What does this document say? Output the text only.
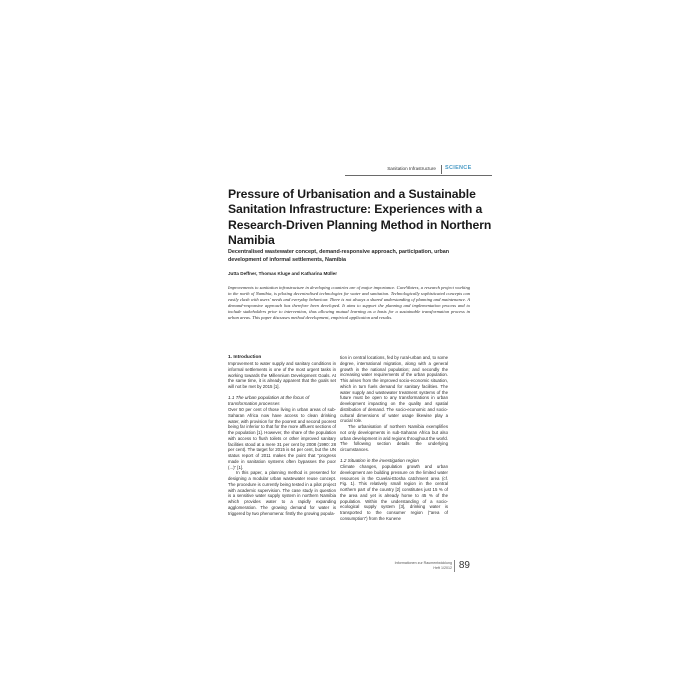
Sanitation Infrastructure SCIENCE
Pressure of Urbanisation and a Sustainable Sanitation Infrastructure: Experiences with a Research-Driven Planning Method in Northern Namibia

Decentralised wastewater concept, demand-responsive approach, participation, urban development of informal settlements, Namibia

Jutta Deffner, Thomas Kluge and Katharina Müller

Improvements to sanitation infrastructure in developing countries are of major importance. CuveWaters, a research project working in the north of Namibia, is piloting decentralised technologies for water and sanitation. Technologically sophisticated concepts can easily clash with users' needs and everyday behaviour. There is not always a shared understanding of planning and maintenance. A demand-responsive approach has therefore been developed. It aims to support the planning and implementation process and to include stakeholders prior to intervention, thus allowing mutual learning as a basis for a sustainable transformation process in urban areas. This paper discusses method development, empirical application and results.

1. Introduction

Improvement to water supply and sanitary conditions in informal settlements is one of the most urgent tasks in working towards the Millennium Development Goals. At the same time, it is already apparent that the goals set will not be met by 2015 [1].

1.1 The urban population at the focus of transformation processes

Over 50 per cent of those living in urban areas of sub-Saharan Africa now have access to clean drinking water, with provision for the poorest and second poorest being far inferior to that for the more affluent sections of the population [1]. However, the share of the population with access to flush toilets or other improved sanitary facilities stood at a mere 31 per cent by 2008 (1990: 28 per cent). The target for 2015 is 64 per cent, but the UN status report of 2011 makes the point that "progress made in sanitation systems often bypasses the poor (...)" [1].

In this paper, a planning method is presented for designing a modular urban wastewater reuse concept. The procedure is currently being tested in a pilot project with academic supervision. The case study in question is a sensitive water supply system in northern Namibia which provides water to a rapidly expanding agglomeration. The growing demand for water is triggered by two phenomena: firstly the growing popula-

tion in central locations, fed by rural-urban and, to some degree, international migration, along with a general growth in the national population; and secondly the increasing water requirements of the urban population. This arises from the improved socio-economic situation, which in turn fuels demand for sanitary facilities. The water supply and wastewater treatment systems of the future must be open to any transformations in urban development impacting on the quality and spatial distribution of demand. The socio-economic and socio-cultural dimensions of water usage likewise play a crucial role.

The urbanisation of northern Namibia exemplifies not only developments in sub-Saharan Africa but also urban development in arid regions throughout the world. The following section details the underlying circumstances.

1.2 Situation in the investigation region

Climate changes, population growth and urban development are building pressure on the limited water resources in the Cuvelai-Etosha catchment area (cf. Fig. 1). This relatively small region in the central northern part of the country [2] constitutes just 15 % of the area and yet is already home to 45 % of the population. Within the understanding of a socio-ecological supply system [3], drinking water is transported to the consumer region ("area of consumption") from the Kunene

Informationen zur Raumentwicklung
Heft 1/2012 89
